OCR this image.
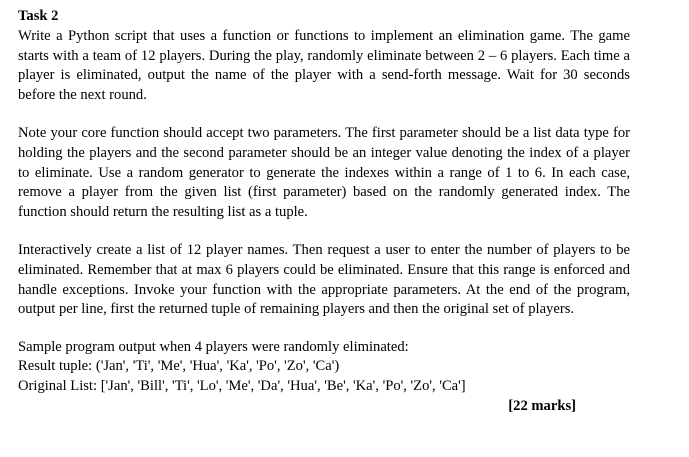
Task 2

Write a Python script that uses a function or functions to implement an elimination game. The game starts with a team of 12 players. During the play, randomly eliminate between 2 – 6 players. Each time a player is eliminated, output the name of the player with a send-forth message. Wait for 30 seconds before the next round.

Note your core function should accept two parameters. The first parameter should be a list data type for holding the players and the second parameter should be an integer value denoting the index of a player to eliminate. Use a random generator to generate the indexes within a range of 1 to 6. In each case, remove a player from the given list (first parameter) based on the randomly generated index. The function should return the resulting list as a tuple.

Interactively create a list of 12 player names. Then request a user to enter the number of players to be eliminated. Remember that at max 6 players could be eliminated. Ensure that this range is enforced and handle exceptions. Invoke your function with the appropriate parameters. At the end of the program, output per line, first the returned tuple of remaining players and then the original set of players.

Sample program output when 4 players were randomly eliminated:

Result tuple: ('Jan', 'Ti', 'Me', 'Hua', 'Ka', 'Po', 'Zo', 'Ca')

Original List: ['Jan', 'Bill', 'Ti', 'Lo', 'Me', 'Da', 'Hua', 'Be', 'Ka', 'Po', 'Zo', 'Ca']

[22 marks]
